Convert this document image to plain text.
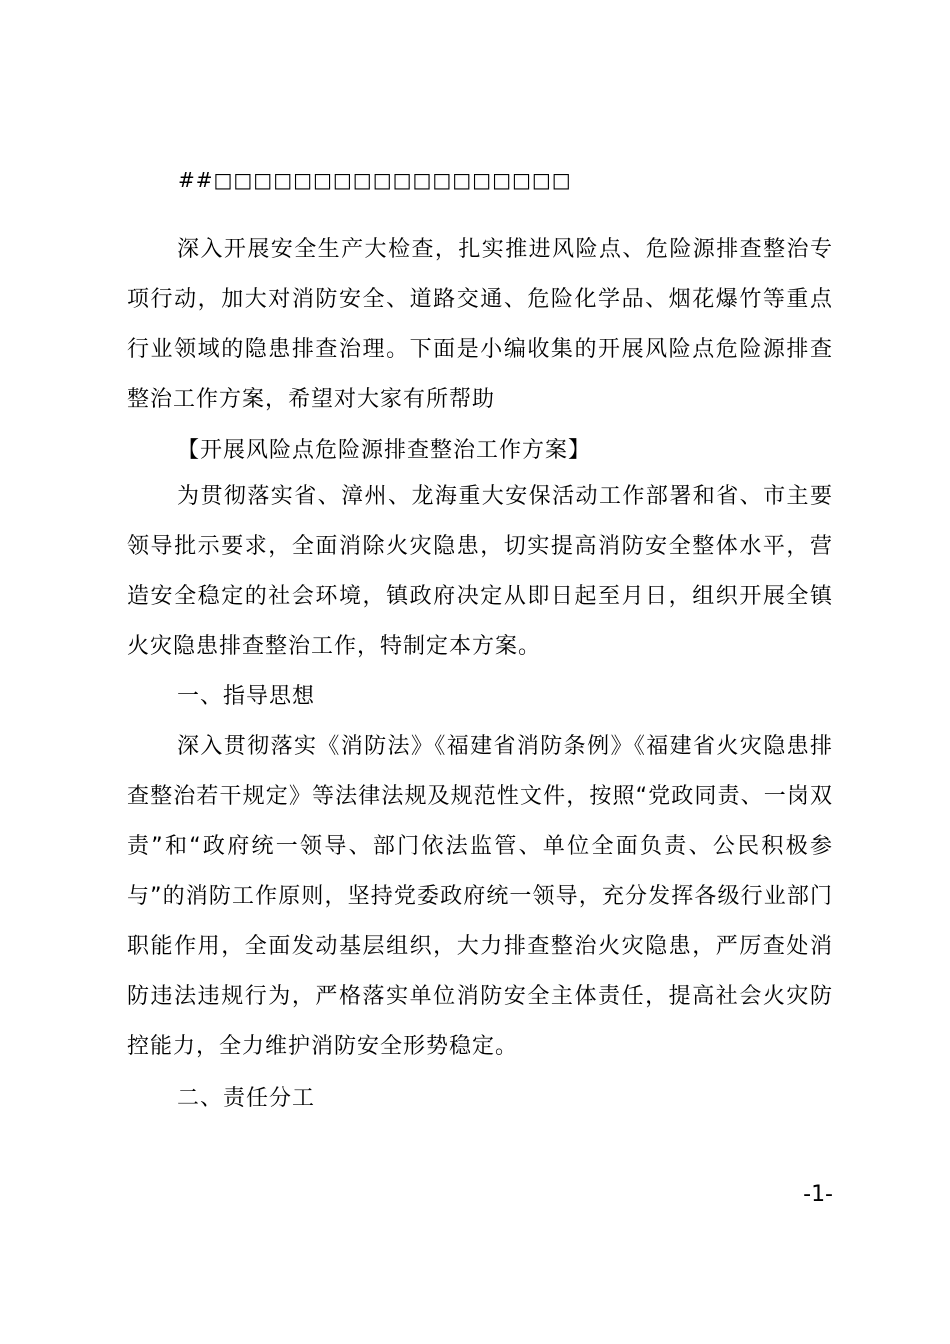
##□□□□□□□□□□□□□□□□□□

深入开展安全生产大检查，扎实推进风险点、危险源排查整治专项行动，加大对消防安全、道路交通、危险化学品、烟花爆竹等重点行业领域的隐患排查治理。下面是小编收集的开展风险点危险源排查整治工作方案，希望对大家有所帮助

【开展风险点危险源排查整治工作方案】

为贯彻落实省、漳州、龙海重大安保活动工作部署和省、市主要领导批示要求，全面消除火灾隐患，切实提高消防安全整体水平，营造安全稳定的社会环境，镇政府决定从即日起至月日，组织开展全镇火灾隐患排查整治工作，特制定本方案。

一、指导思想

深入贯彻落实《消防法》《福建省消防条例》《福建省火灾隐患排查整治若干规定》等法律法规及规范性文件，按照“党政同责、一岗双责”和“政府统一领导、部门依法监管、单位全面负责、公民积极参与”的消防工作原则，坚持党委政府统一领导，充分发挥各级行业部门职能作用，全面发动基层组织，大力排查整治火灾隐患，严厉查处消防违法违规行为，严格落实单位消防安全主体责任，提高社会火灾防控能力，全力维护消防安全形势稳定。

二、责任分工

-1-
